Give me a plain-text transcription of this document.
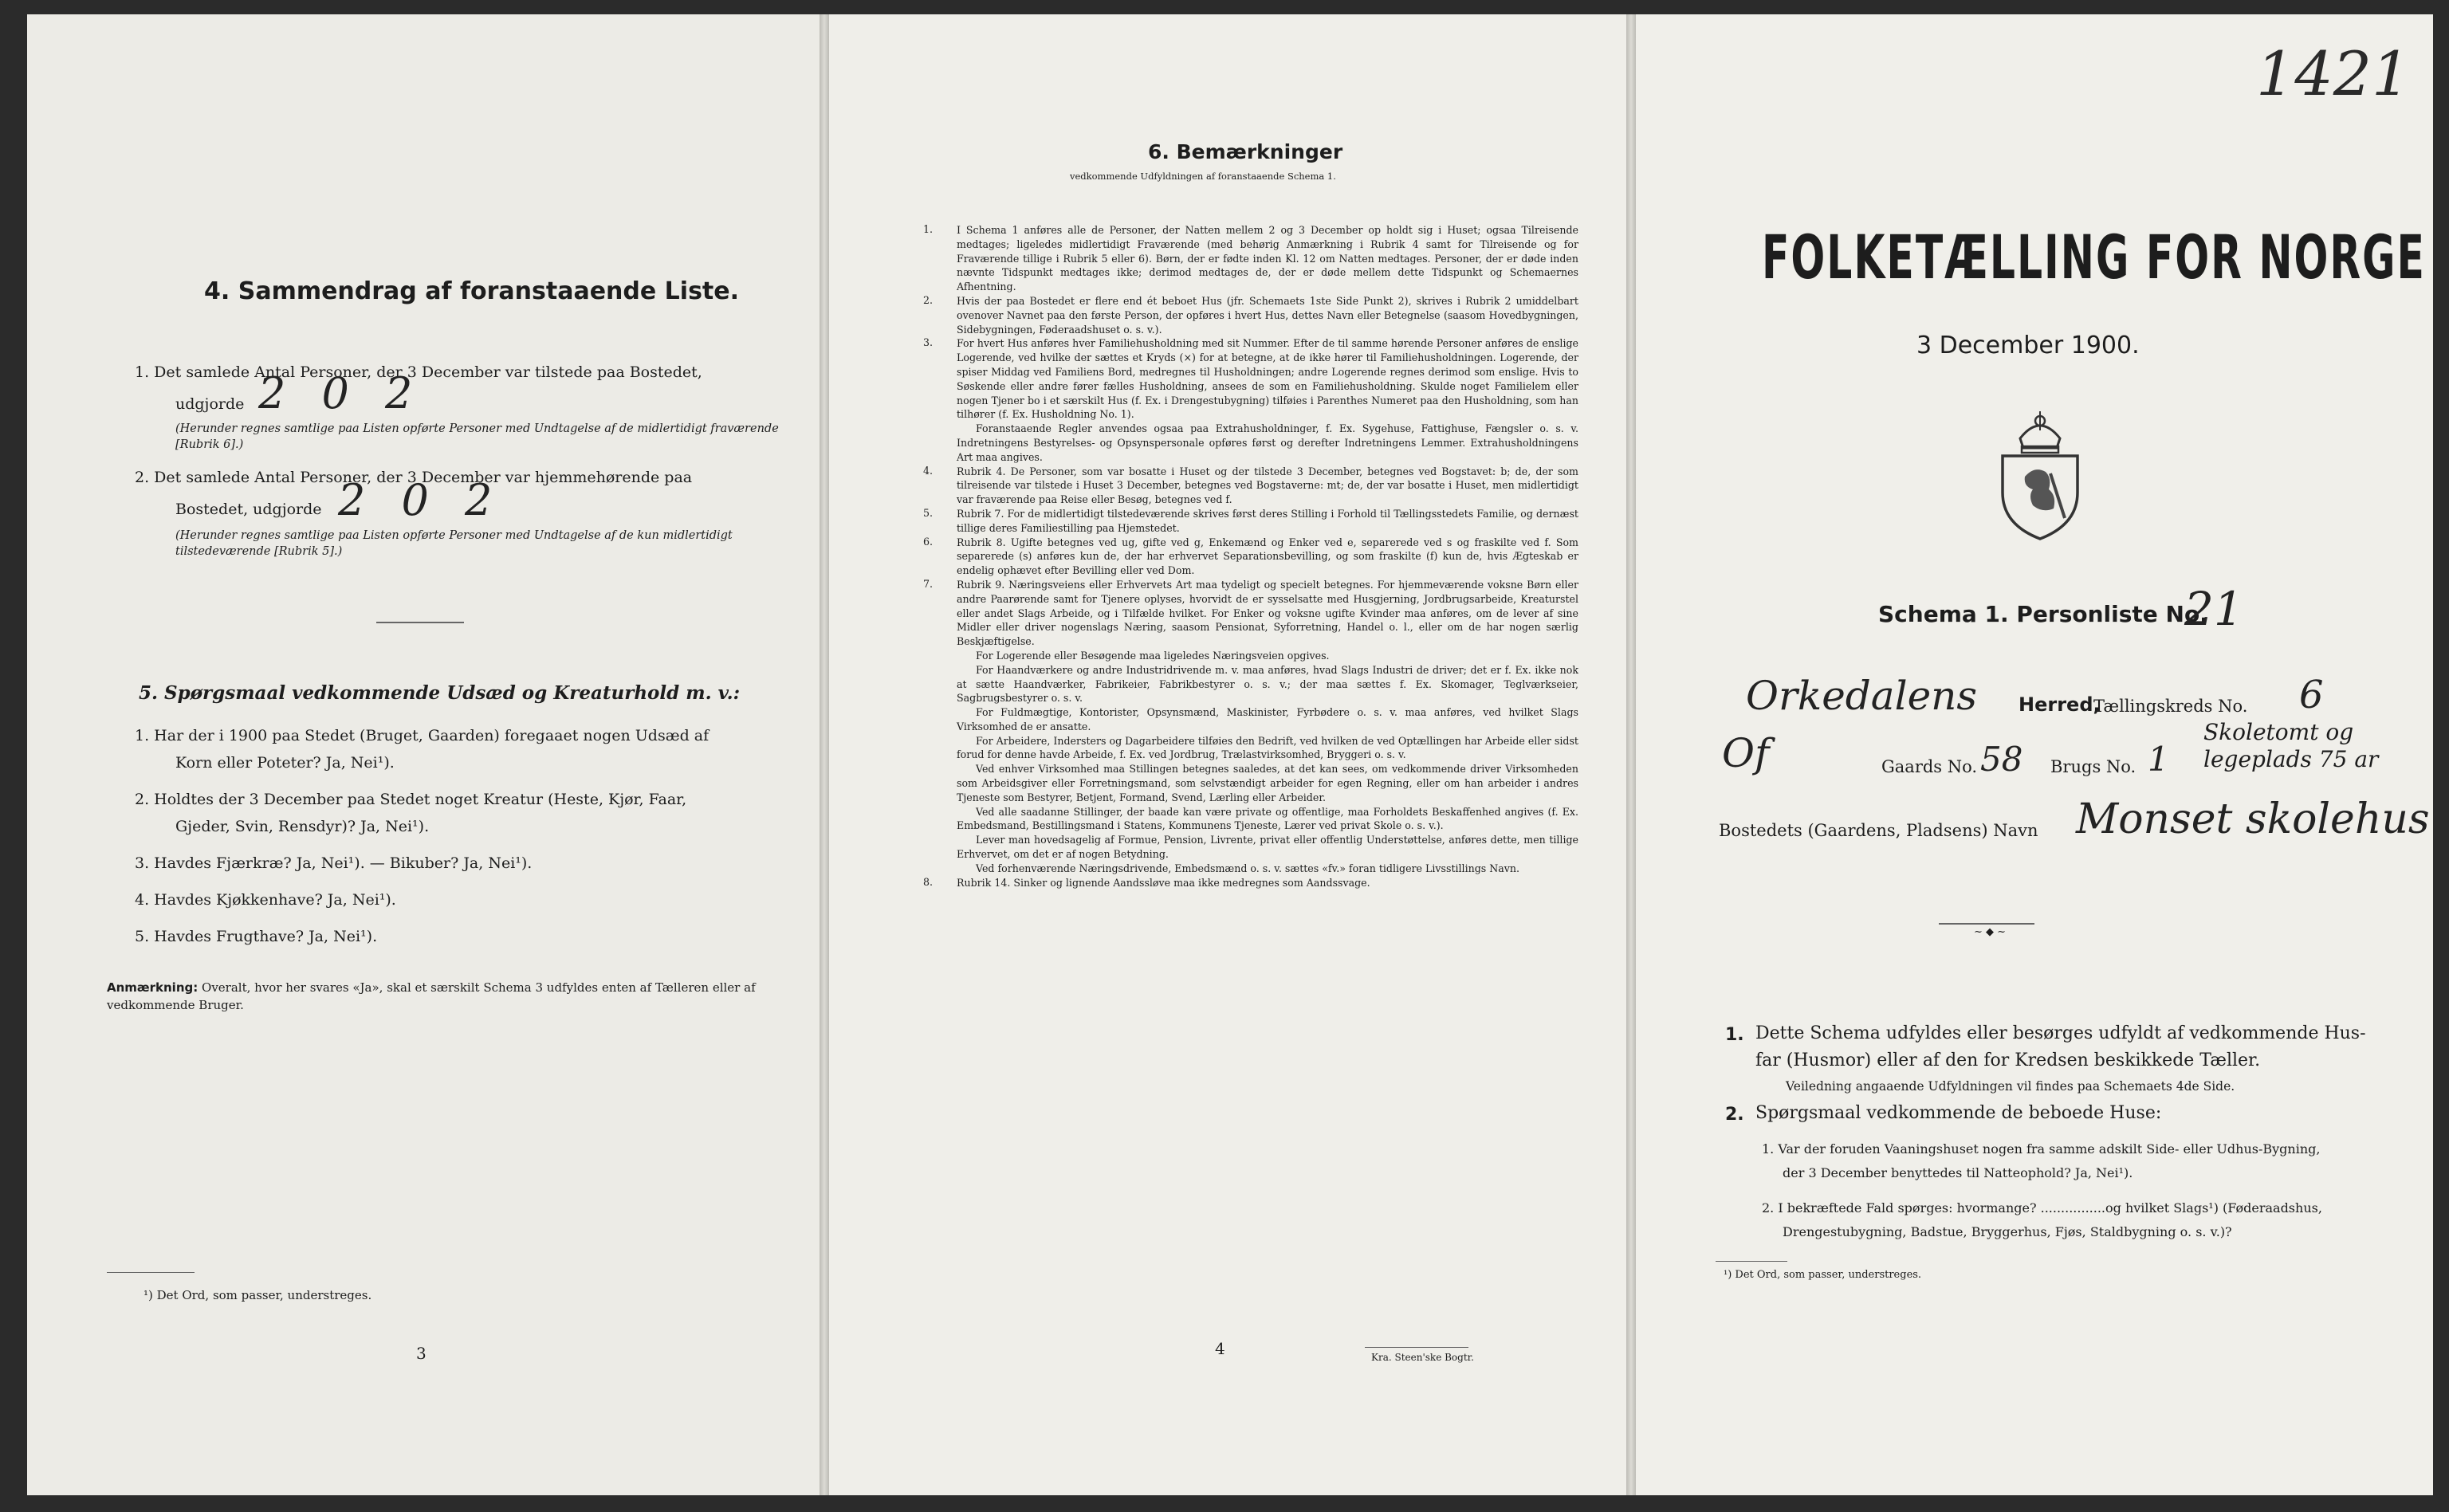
4. Sammendrag af foranstaaende Liste.
1. Det samlede Antal Personer, der 3 December var tilstede paa Bostedet,
udgjorde 2 0 2
(Herunder regnes samtlige paa Listen opførte Personer med Undtagelse af de midlertidigt fraværende [Rubrik 6].)
2. Det samlede Antal Personer, der 3 December var hjemmehørende paa
Bostedet, udgjorde 2 0 2
(Herunder regnes samtlige paa Listen opførte Personer med Undtagelse af de kun midlertidigt tilstedeværende [Rubrik 5].)
5. Spørgsmaal vedkommende Udsæd og Kreaturhold m. v.:
1. Har der i 1900 paa Stedet (Bruget, Gaarden) foregaaet nogen Udsæd af
Korn eller Poteter? Ja, Nei¹).
2. Holdtes der 3 December paa Stedet noget Kreatur (Heste, Kjør, Faar,
Gjeder, Svin, Rensdyr)? Ja, Nei¹).
3. Havdes Fjærkræ? Ja, Nei¹). — Bikuber? Ja, Nei¹).
4. Havdes Kjøkkenhave? Ja, Nei¹).
5. Havdes Frugthave? Ja, Nei¹).
Anmærkning: Overalt, hvor her svares «Ja», skal et særskilt Schema 3 udfyldes enten af Tælleren eller af vedkommende Bruger.
¹) Det Ord, som passer, understreges.
3
6. Bemærkninger
vedkommende Udfyldningen af foranstaaende Schema 1.
1. I Schema 1 anføres alle de Personer, der Natten mellem 2 og 3 December op holdt sig i Huset; ogsaa Tilreisende medtages; ligeledes midlertidigt Fraværende (med behørig Anmærkning i Rubrik 4 samt for Tilreisende og for Fraværende tillige i Rubrik 5 eller 6). Børn, der er fødte inden Kl. 12 om Natten medtages. Personer, der er døde inden nævnte Tidspunkt medtages ikke; derimod medtages de, der er døde mellem dette Tidspunkt og Schemaernes Afhentning.
2. Hvis der paa Bostedet er flere end ét beboet Hus (jfr. Schemaets 1ste Side Punkt 2), skrives i Rubrik 2 umiddelbart ovenover Navnet paa den første Person, der opføres i hvert Hus, dettes Navn eller Betegnelse (saasom Hovedbygningen, Sidebygningen, Føderaadshuset o. s. v.).
3. For hvert Hus anføres hver Familiehusholdning med sit Nummer. Efter de til samme hørende Personer anføres de enslige Logerende, ved hvilke der sættes et Kryds (×) for at betegne, at de ikke hører til Familiehusholdningen. Logerende, der spiser Middag ved Familiens Bord, medregnes til Husholdningen; andre Logerende regnes derimod som enslige. Hvis to Søskende eller andre fører fælles Husholdning, ansees de som en Familiehusholdning. Skulde noget Familielem eller nogen Tjener bo i et særskilt Hus (f. Ex. i Drengestubygning) tilføies i Parenthes Numeret paa den Husholdning, som han tilhører (f. Ex. Husholdning No. 1).
Foranstaaende Regler anvendes ogsaa paa Extrahusholdninger, f. Ex. Sygehuse, Fattighuse, Fængsler o. s. v. Indretningens Bestyrelses- og Opsynspersonale opføres først og derefter Indretningens Lemmer. Extrahusholdningens Art maa angives.
4. Rubrik 4. De Personer, som var bosatte i Huset og der tilstede 3 December, betegnes ved Bogstavet: b; de, der som tilreisende var tilstede i Huset 3 December, betegnes ved Bogstaverne: mt; de, der var bosatte i Huset, men midlertidigt var fraværende paa Reise eller Besøg, betegnes ved f.
5. Rubrik 7. For de midlertidigt tilstedeværende skrives først deres Stilling i Forhold til Tællingsstedets Familie, og dernæst tillige deres Familiestilling paa Hjemstedet.
6. Rubrik 8. Ugifte betegnes ved ug, gifte ved g, Enkemænd og Enker ved e, separerede ved s og fraskilte ved f. Som separerede (s) anføres kun de, der har erhvervet Separationsbevilling, og som fraskilte (f) kun de, hvis Ægteskab er endelig ophævet efter Bevilling eller ved Dom.
7. Rubrik 9. Næringsveiens eller Erhvervets Art maa tydeligt og specielt betegnes. For hjemmeværende voksne Børn eller andre Paarørende samt for Tjenere oplyses, hvorvidt de er sysselsatte med Husgjerning, Jordbrugsarbeide, Kreaturstel eller andet Slags Arbeide, og i Tilfælde hvilket. For Enker og voksne ugifte Kvinder maa anføres, om de lever af sine Midler eller driver nogenslags Næring, saasom Pensionat, Syforretning, Handel o. l., eller om de har nogen særlig Beskjæftigelse.
For Logerende eller Besøgende maa ligeledes Næringsveien opgives.
For Haandværkere og andre Industridrivende m. v. maa anføres, hvad Slags Industri de driver; det er f. Ex. ikke nok at sætte Haandværker, Fabrikeier, Fabrikbestyrer o. s. v.; der maa sættes f. Ex. Skomager, Teglværkseier, Sagbrugsbestyrer o. s. v.
For Fuldmægtige, Kontorister, Opsynsmænd, Maskinister, Fyrbødere o. s. v. maa anføres, ved hvilket Slags Virksomhed de er ansatte.
For Arbeidere, Indersters og Dagarbeidere tilføies den Bedrift, ved hvilken de ved Optællingen har Arbeide eller sidst forud for denne havde Arbeide, f. Ex. ved Jordbrug, Trælastvirksomhed, Bryggeri o. s. v.
Ved enhver Virksomhed maa Stillingen betegnes saaledes, at det kan sees, om vedkommende driver Virksomheden som Arbeidsgiver eller Forretningsmand, som selvstændigt arbeider for egen Regning, eller om han arbeider i andres Tjeneste som Bestyrer, Betjent, Formand, Svend, Lærling eller Arbeider.
Ved alle saadanne Stillinger, der baade kan være private og offentlige, maa Forholdets Beskaffenhed angives (f. Ex. Embedsmand, Bestillingsmand i Statens, Kommunens Tjeneste, Lærer ved privat Skole o. s. v.).
Lever man hovedsagelig af Formue, Pension, Livrente, privat eller offentlig Understøttelse, anføres dette, men tillige Erhvervet, om det er af nogen Betydning.
Ved forhenværende Næringsdrivende, Embedsmænd o. s. v. sættes «fv.» foran tidligere Livsstillings Navn.
8. Rubrik 14. Sinker og lignende Aandssløve maa ikke medregnes som Aandssvage.
4	Kra. Steen'ske Bogtr.
1421
FOLKETÆLLING FOR NORGE
3 December 1900.
Schema 1. Personliste No.
21
Orkedalens Herred,
Tællingskreds No. 6
Of	Gaards No. 58 Brugs No. 1
Skoletomt og
legeplads 75 ar
Bostedets (Gaardens, Pladsens) Navn Monset skolehus
~ ◆ ~
1. Dette Schema udfyldes eller besørges udfyldt af vedkommende Hus-
far (Husmor) eller af den for Kredsen beskikkede Tæller.
Veiledning angaaende Udfyldningen vil findes paa Schemaets 4de Side.
2. Spørgsmaal vedkommende de beboede Huse:
1. Var der foruden Vaaningshuset nogen fra samme adskilt Side- eller Udhus-Bygning,
der 3 December benyttedes til Natteophold? Ja, Nei¹).
2. I bekræftede Fald spørges: hvormange? ................og hvilket Slags¹) (Føderaadshus,
Drengestubygning, Badstue, Bryggerhus, Fjøs, Staldbygning o. s. v.)?
¹) Det Ord, som passer, understreges.
